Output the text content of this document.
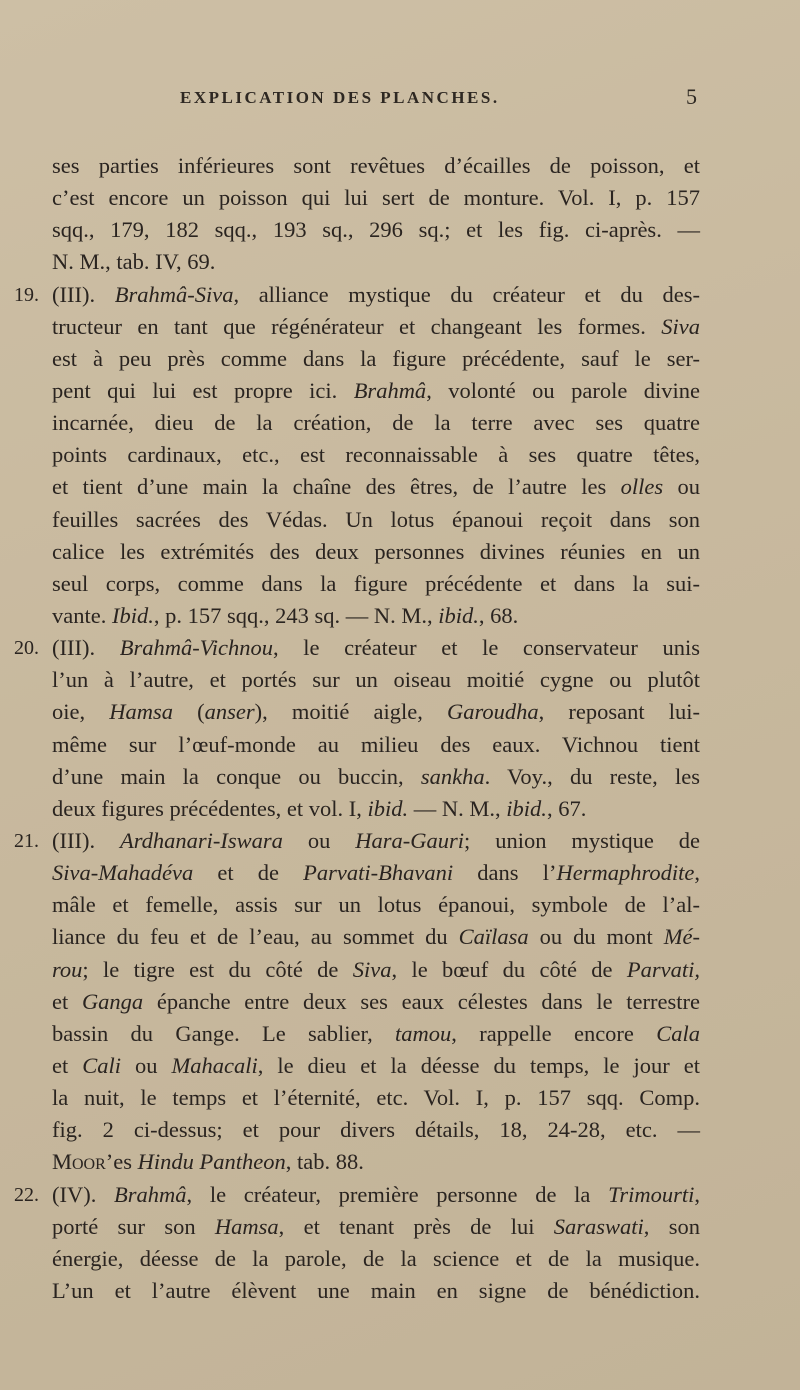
EXPLICATION DES PLANCHES.	5
ses parties inférieures sont revêtues d’écailles de poisson, et
c’est encore un poisson qui lui sert de monture. Vol. I, p. 157
sqq., 179, 182 sqq., 193 sq., 296 sq.; et les fig. ci-après. —
N. M., tab. IV, 69.
19. (III). Brahmâ-Siva, alliance mystique du créateur et du des-
tructeur en tant que régénérateur et changeant les formes. Siva
est à peu près comme dans la figure précédente, sauf le ser-
pent qui lui est propre ici. Brahmâ, volonté ou parole divine
incarnée, dieu de la création, de la terre avec ses quatre
points cardinaux, etc., est reconnaissable à ses quatre têtes,
et tient d’une main la chaîne des êtres, de l’autre les olles ou
feuilles sacrées des Védas. Un lotus épanoui reçoit dans son
calice les extrémités des deux personnes divines réunies en un
seul corps, comme dans la figure précédente et dans la sui-
vante. Ibid., p. 157 sqq., 243 sq. — N. M., ibid., 68.
20. (III). Brahmâ-Vichnou, le créateur et le conservateur unis
l’un à l’autre, et portés sur un oiseau moitié cygne ou plutôt
oie, Hamsa (anser), moitié aigle, Garoudha, reposant lui-
même sur l’œuf-monde au milieu des eaux. Vichnou tient
d’une main la conque ou buccin, sankha. Voy., du reste, les
deux figures précédentes, et vol. I, ibid. — N. M., ibid., 67.
21. (III). Ardhanari-Iswara ou Hara-Gauri; union mystique de
Siva-Mahadéva et de Parvati-Bhavani dans l’Hermaphrodite,
mâle et femelle, assis sur un lotus épanoui, symbole de l’al-
liance du feu et de l’eau, au sommet du Caïlasa ou du mont Mé-
rou; le tigre est du côté de Siva, le bœuf du côté de Parvati,
et Ganga épanche entre deux ses eaux célestes dans le terrestre
bassin du Gange. Le sablier, tamou, rappelle encore Cala
et Cali ou Mahacali, le dieu et la déesse du temps, le jour et
la nuit, le temps et l’éternité, etc. Vol. I, p. 157 sqq. Comp.
fig. 2 ci-dessus; et pour divers détails, 18, 24-28, etc. —
Moor’es Hindu Pantheon, tab. 88.
22. (IV). Brahmâ, le créateur, première personne de la Trimourti,
porté sur son Hamsa, et tenant près de lui Saraswati, son
énergie, déesse de la parole, de la science et de la musique.
L’un et l’autre élèvent une main en signe de bénédiction.
